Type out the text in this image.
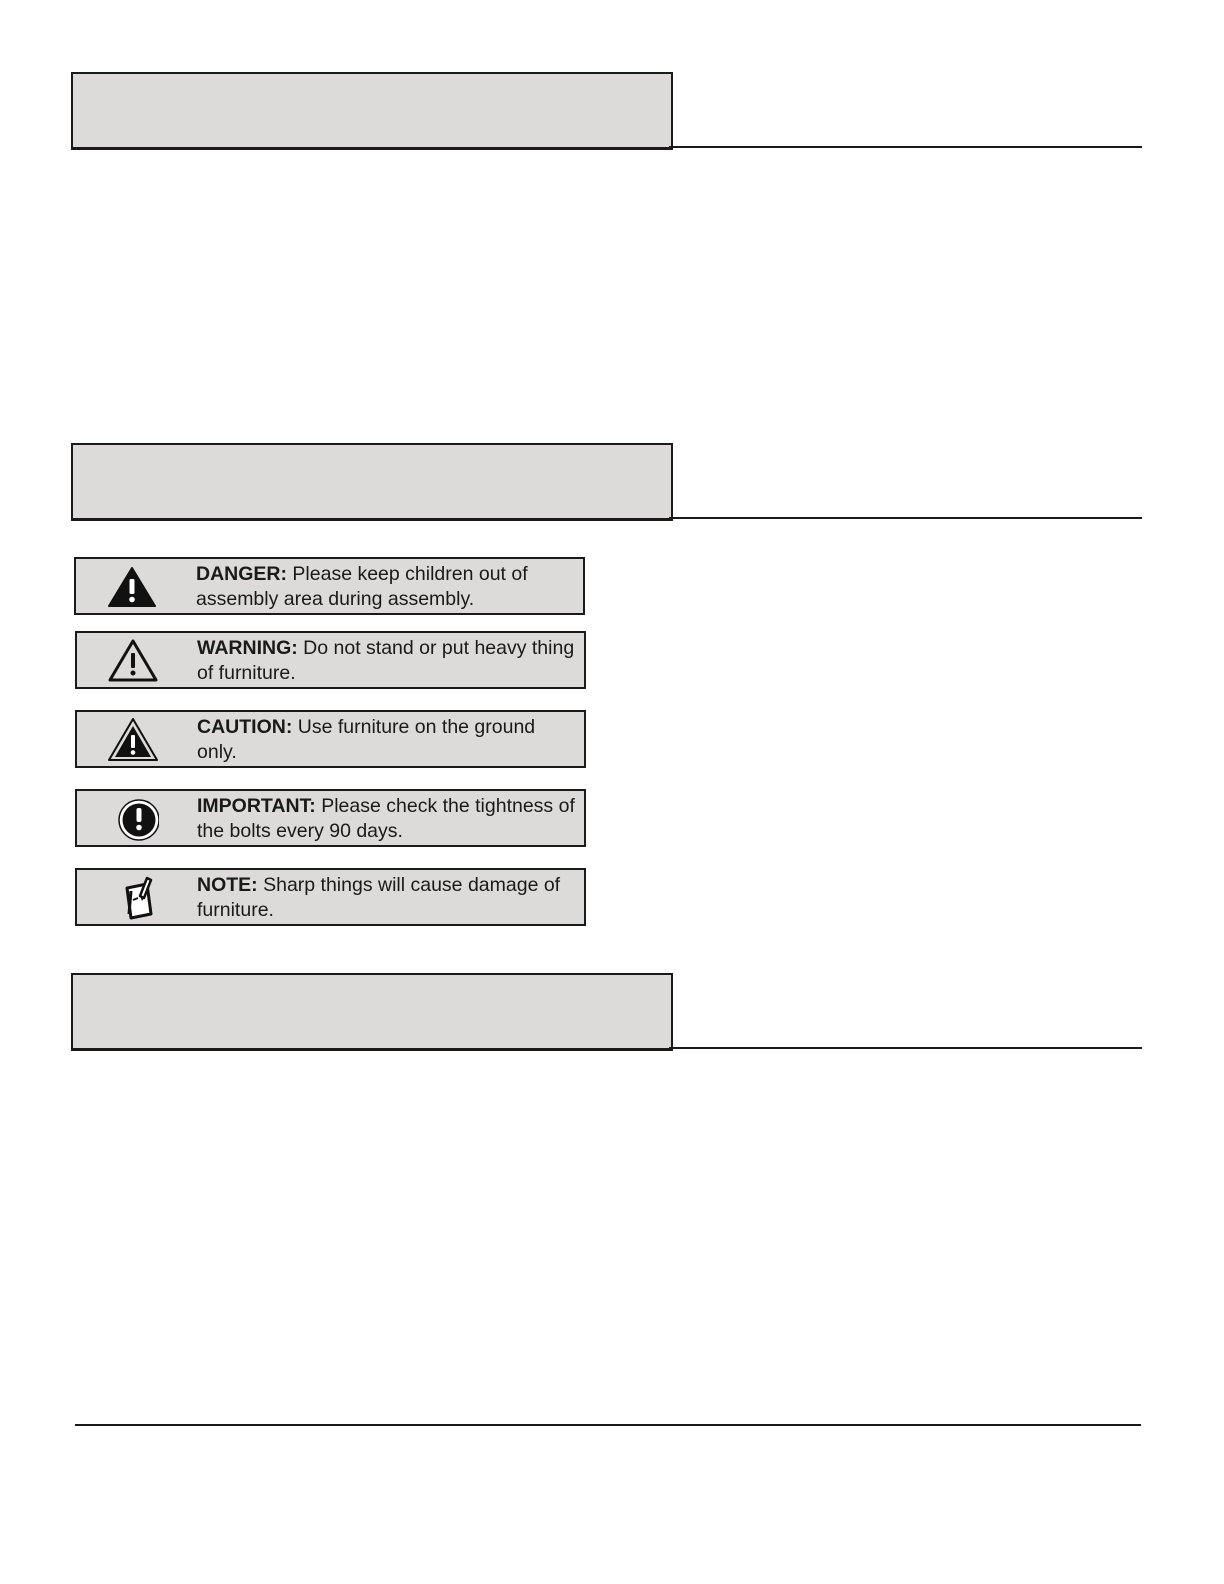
DANGER: Please keep children out of assembly area during assembly.
WARNING: Do not stand or put heavy thing of furniture.
CAUTION: Use furniture on the ground only.
IMPORTANT: Please check the tightness of the bolts every 90 days.
NOTE: Sharp things will cause damage of furniture.
